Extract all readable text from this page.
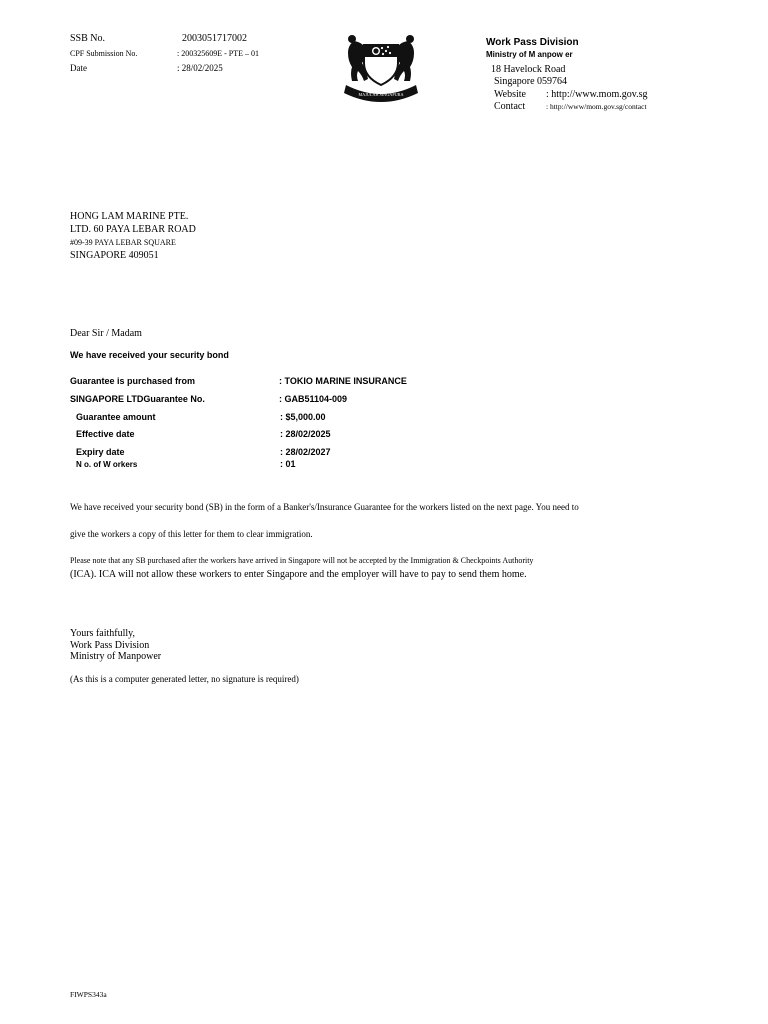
SSB No.	2003051717002
CPF Submission No.	: 200325609E - PTE – 01
Date	: 28/02/2025
MAJULAH SINGAPURA
Work Pass Division
Ministry of M anpow er
18 Havelock Road
Singapore 059764
Website : http://www.mom.gov.sg
Contact	: http://www/mom.gov.sg/contact
HONG LAM MARINE PTE.
LTD. 60 PAYA LEBAR ROAD
#09-39 PAYA LEBAR SQUARE
SINGAPORE 409051
Dear Sir / Madam
We have received your security bond
Guarantee is purchased from	: TOKIO MARINE INSURANCE
SINGAPORE LTDGuarantee No.	: GAB51104-009
Guarantee amount	: $5,000.00
Effective date	: 28/02/2025
Expiry date	: 28/02/2027
N o. of W orkers	: 01
We have received your security bond (SB) in the form of a Banker's/Insurance Guarantee for the workers listed on the next page. You need to
give the workers a copy of this letter for them to clear immigration.
Please note that any SB purchased after the workers have arrived in Singapore will not be accepted by the Immigration & Checkpoints Authority
(ICA). ICA will not allow these workers to enter Singapore and the employer will have to pay to send them home.
Yours faithfully,
Work Pass Division
Ministry of Manpower
(As this is a computer generated letter, no signature is required)
FIWPS343a
